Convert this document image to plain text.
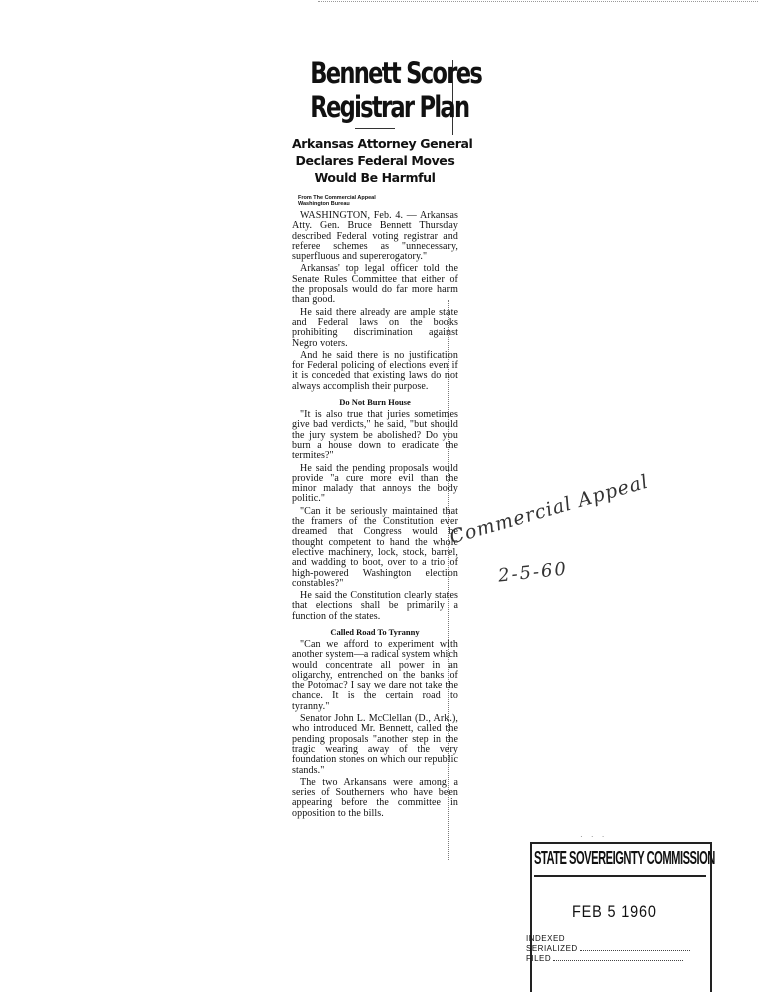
Bennett Scores
Registrar Plan
Arkansas Attorney General
Declares Federal Moves
Would Be Harmful
From The Commercial Appeal
Washington Bureau

WASHINGTON, Feb. 4. — Arkansas Atty. Gen. Bruce Bennett Thursday described Federal voting registrar and referee schemes as "unnecessary, superfluous and supererogatory."

Arkansas' top legal officer told the Senate Rules Committee that either of the proposals would do far more harm than good.

He said there already are ample state and Federal laws on the books prohibiting discrimination against Negro voters.

And he said there is no justification for Federal policing of elections even if it is conceded that existing laws do not always accomplish their purpose.

Do Not Burn House

"It is also true that juries sometimes give bad verdicts," he said, "but should the jury system be abolished? Do you burn a house down to eradicate the termites?"

He said the pending proposals would provide "a cure more evil than the minor malady that annoys the body politic."

"Can it be seriously maintained that the framers of the Constitution ever dreamed that Congress would be thought competent to hand the whole elective machinery, lock, stock, barrel, and wadding to boot, over to a trio of high-powered Washington election constables?"

He said the Constitution clearly states that elections shall be primarily a function of the states.

Called Road To Tyranny

"Can we afford to experiment with another system—a radical system which would concentrate all power in an oligarchy, entrenched on the banks of the Potomac? I say we dare not take the chance. It is the certain road to tyranny."

Senator John L. McClellan (D., Ark.), who introduced Mr. Bennett, called the pending proposals "another step in the tragic wearing away of the very foundation stones on which our republic stands."

The two Arkansans were among a series of Southerners who have been appearing before the committee in opposition to the bills.

Commercial Appeal
2-5-60
· · ·
STATE SOVEREIGNTY COMMISSION
FEB 5 1960
INDEXED
SERIALIZED
FILED
